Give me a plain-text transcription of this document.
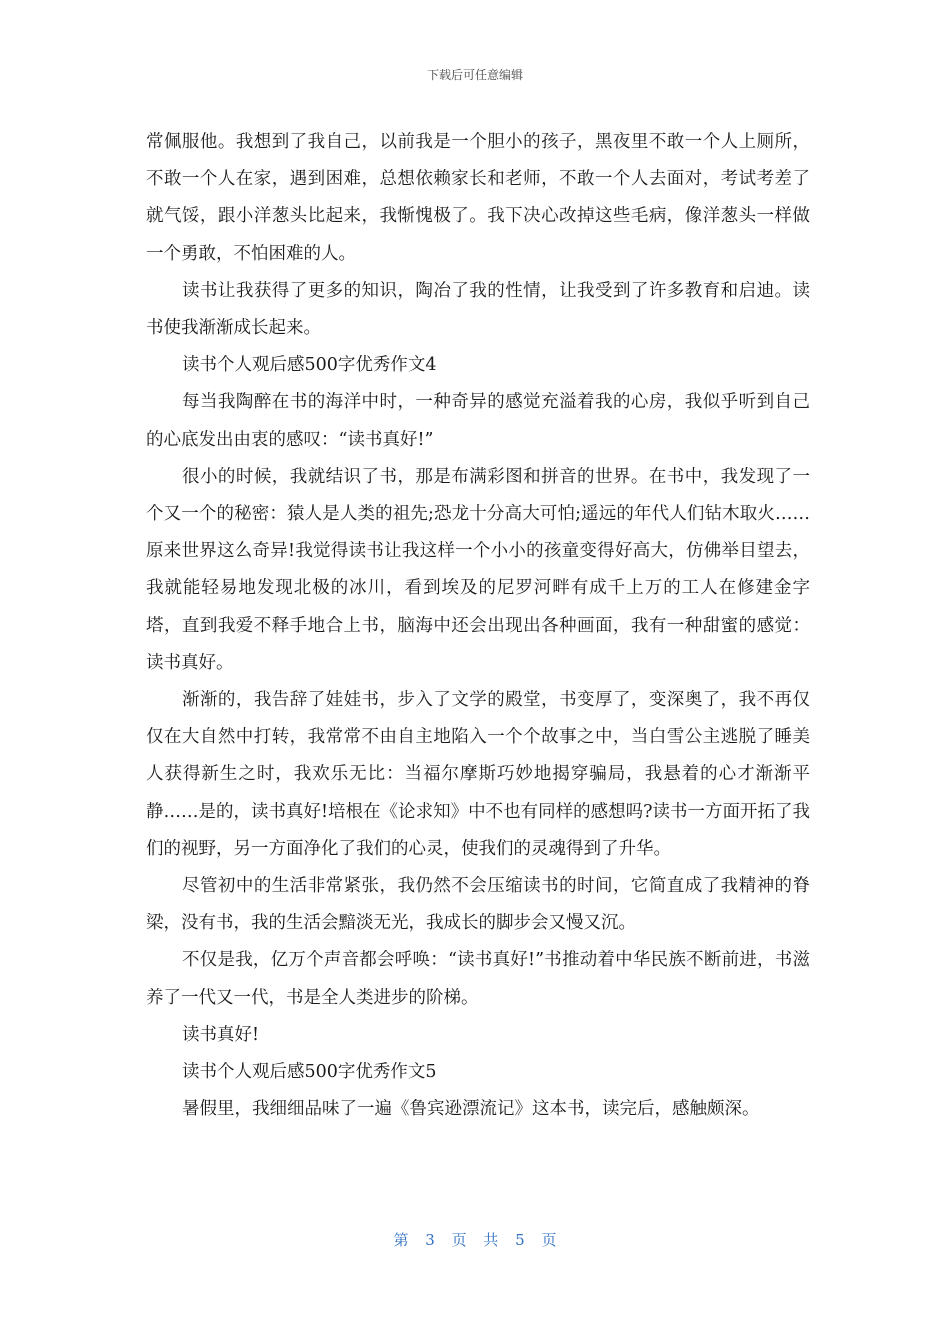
下载后可任意编辑

常佩服他。我想到了我自己，以前我是一个胆小的孩子，黑夜里不敢一个人上厕所，不敢一个人在家，遇到困难，总想依赖家长和老师，不敢一个人去面对，考试考差了就气馁，跟小洋葱头比起来，我惭愧极了。我下决心改掉这些毛病，像洋葱头一样做一个勇敢，不怕困难的人。

读书让我获得了更多的知识，陶冶了我的性情，让我受到了许多教育和启迪。读书使我渐渐成长起来。

读书个人观后感500字优秀作文4

每当我陶醉在书的海洋中时，一种奇异的感觉充溢着我的心房，我似乎听到自己的心底发出由衷的感叹：“读书真好!”

很小的时候，我就结识了书，那是布满彩图和拼音的世界。在书中，我发现了一个又一个的秘密：猿人是人类的祖先;恐龙十分高大可怕;遥远的年代人们钻木取火……原来世界这么奇异!我觉得读书让我这样一个小小的孩童变得好高大，仿佛举目望去，我就能轻易地发现北极的冰川，看到埃及的尼罗河畔有成千上万的工人在修建金字塔，直到我爱不释手地合上书，脑海中还会出现出各种画面，我有一种甜蜜的感觉：读书真好。

渐渐的，我告辞了娃娃书，步入了文学的殿堂，书变厚了，变深奥了，我不再仅仅在大自然中打转，我常常不由自主地陷入一个个故事之中，当白雪公主逃脱了睡美人获得新生之时，我欢乐无比：当福尔摩斯巧妙地揭穿骗局，我悬着的心才渐渐平静……是的，读书真好!培根在《论求知》中不也有同样的感想吗?读书一方面开拓了我们的视野，另一方面净化了我们的心灵，使我们的灵魂得到了升华。

尽管初中的生活非常紧张，我仍然不会压缩读书的时间，它简直成了我精神的脊梁，没有书，我的生活会黯淡无光，我成长的脚步会又慢又沉。

不仅是我，亿万个声音都会呼唤：“读书真好!”书推动着中华民族不断前进，书滋养了一代又一代，书是全人类进步的阶梯。

读书真好!

读书个人观后感500字优秀作文5

暑假里，我细细品味了一遍《鲁宾逊漂流记》这本书，读完后，感触颇深。

第 3 页 共 5 页
